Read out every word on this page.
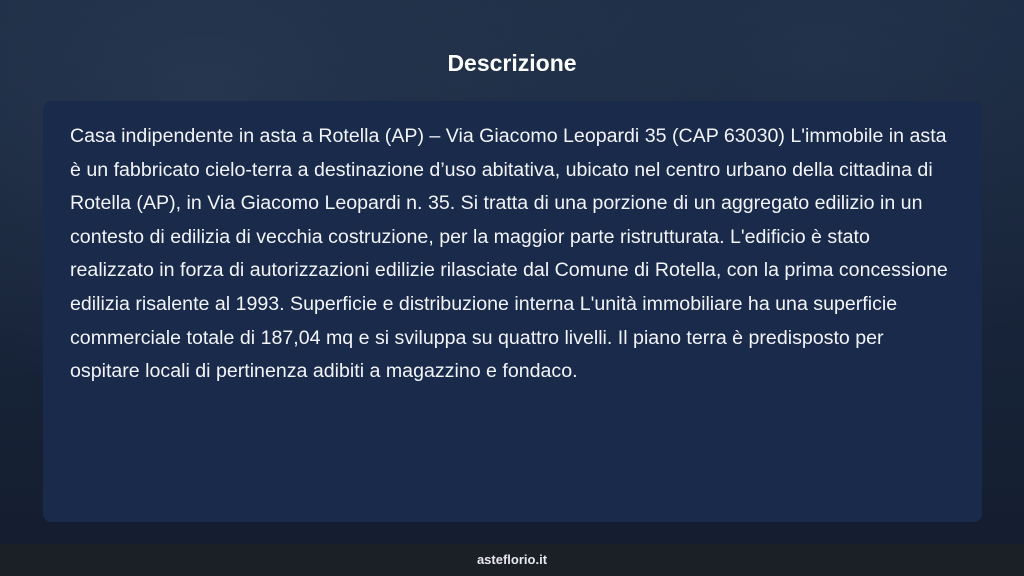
Descrizione

Casa indipendente in asta a Rotella (AP) – Via Giacomo Leopardi 35 (CAP 63030) L'immobile in asta è un fabbricato cielo-terra a destinazione d’uso abitativa, ubicato nel centro urbano della cittadina di Rotella (AP), in Via Giacomo Leopardi n. 35. Si tratta di una porzione di un aggregato edilizio in un contesto di edilizia di vecchia costruzione, per la maggior parte ristrutturata. L'edificio è stato realizzato in forza di autorizzazioni edilizie rilasciate dal Comune di Rotella, con la prima concessione edilizia risalente al 1993. Superficie e distribuzione interna L'unità immobiliare ha una superficie commerciale totale di 187,04 mq e si sviluppa su quattro livelli. Il piano terra è predisposto per ospitare locali di pertinenza adibiti a magazzino e fondaco.

asteflorio.it
